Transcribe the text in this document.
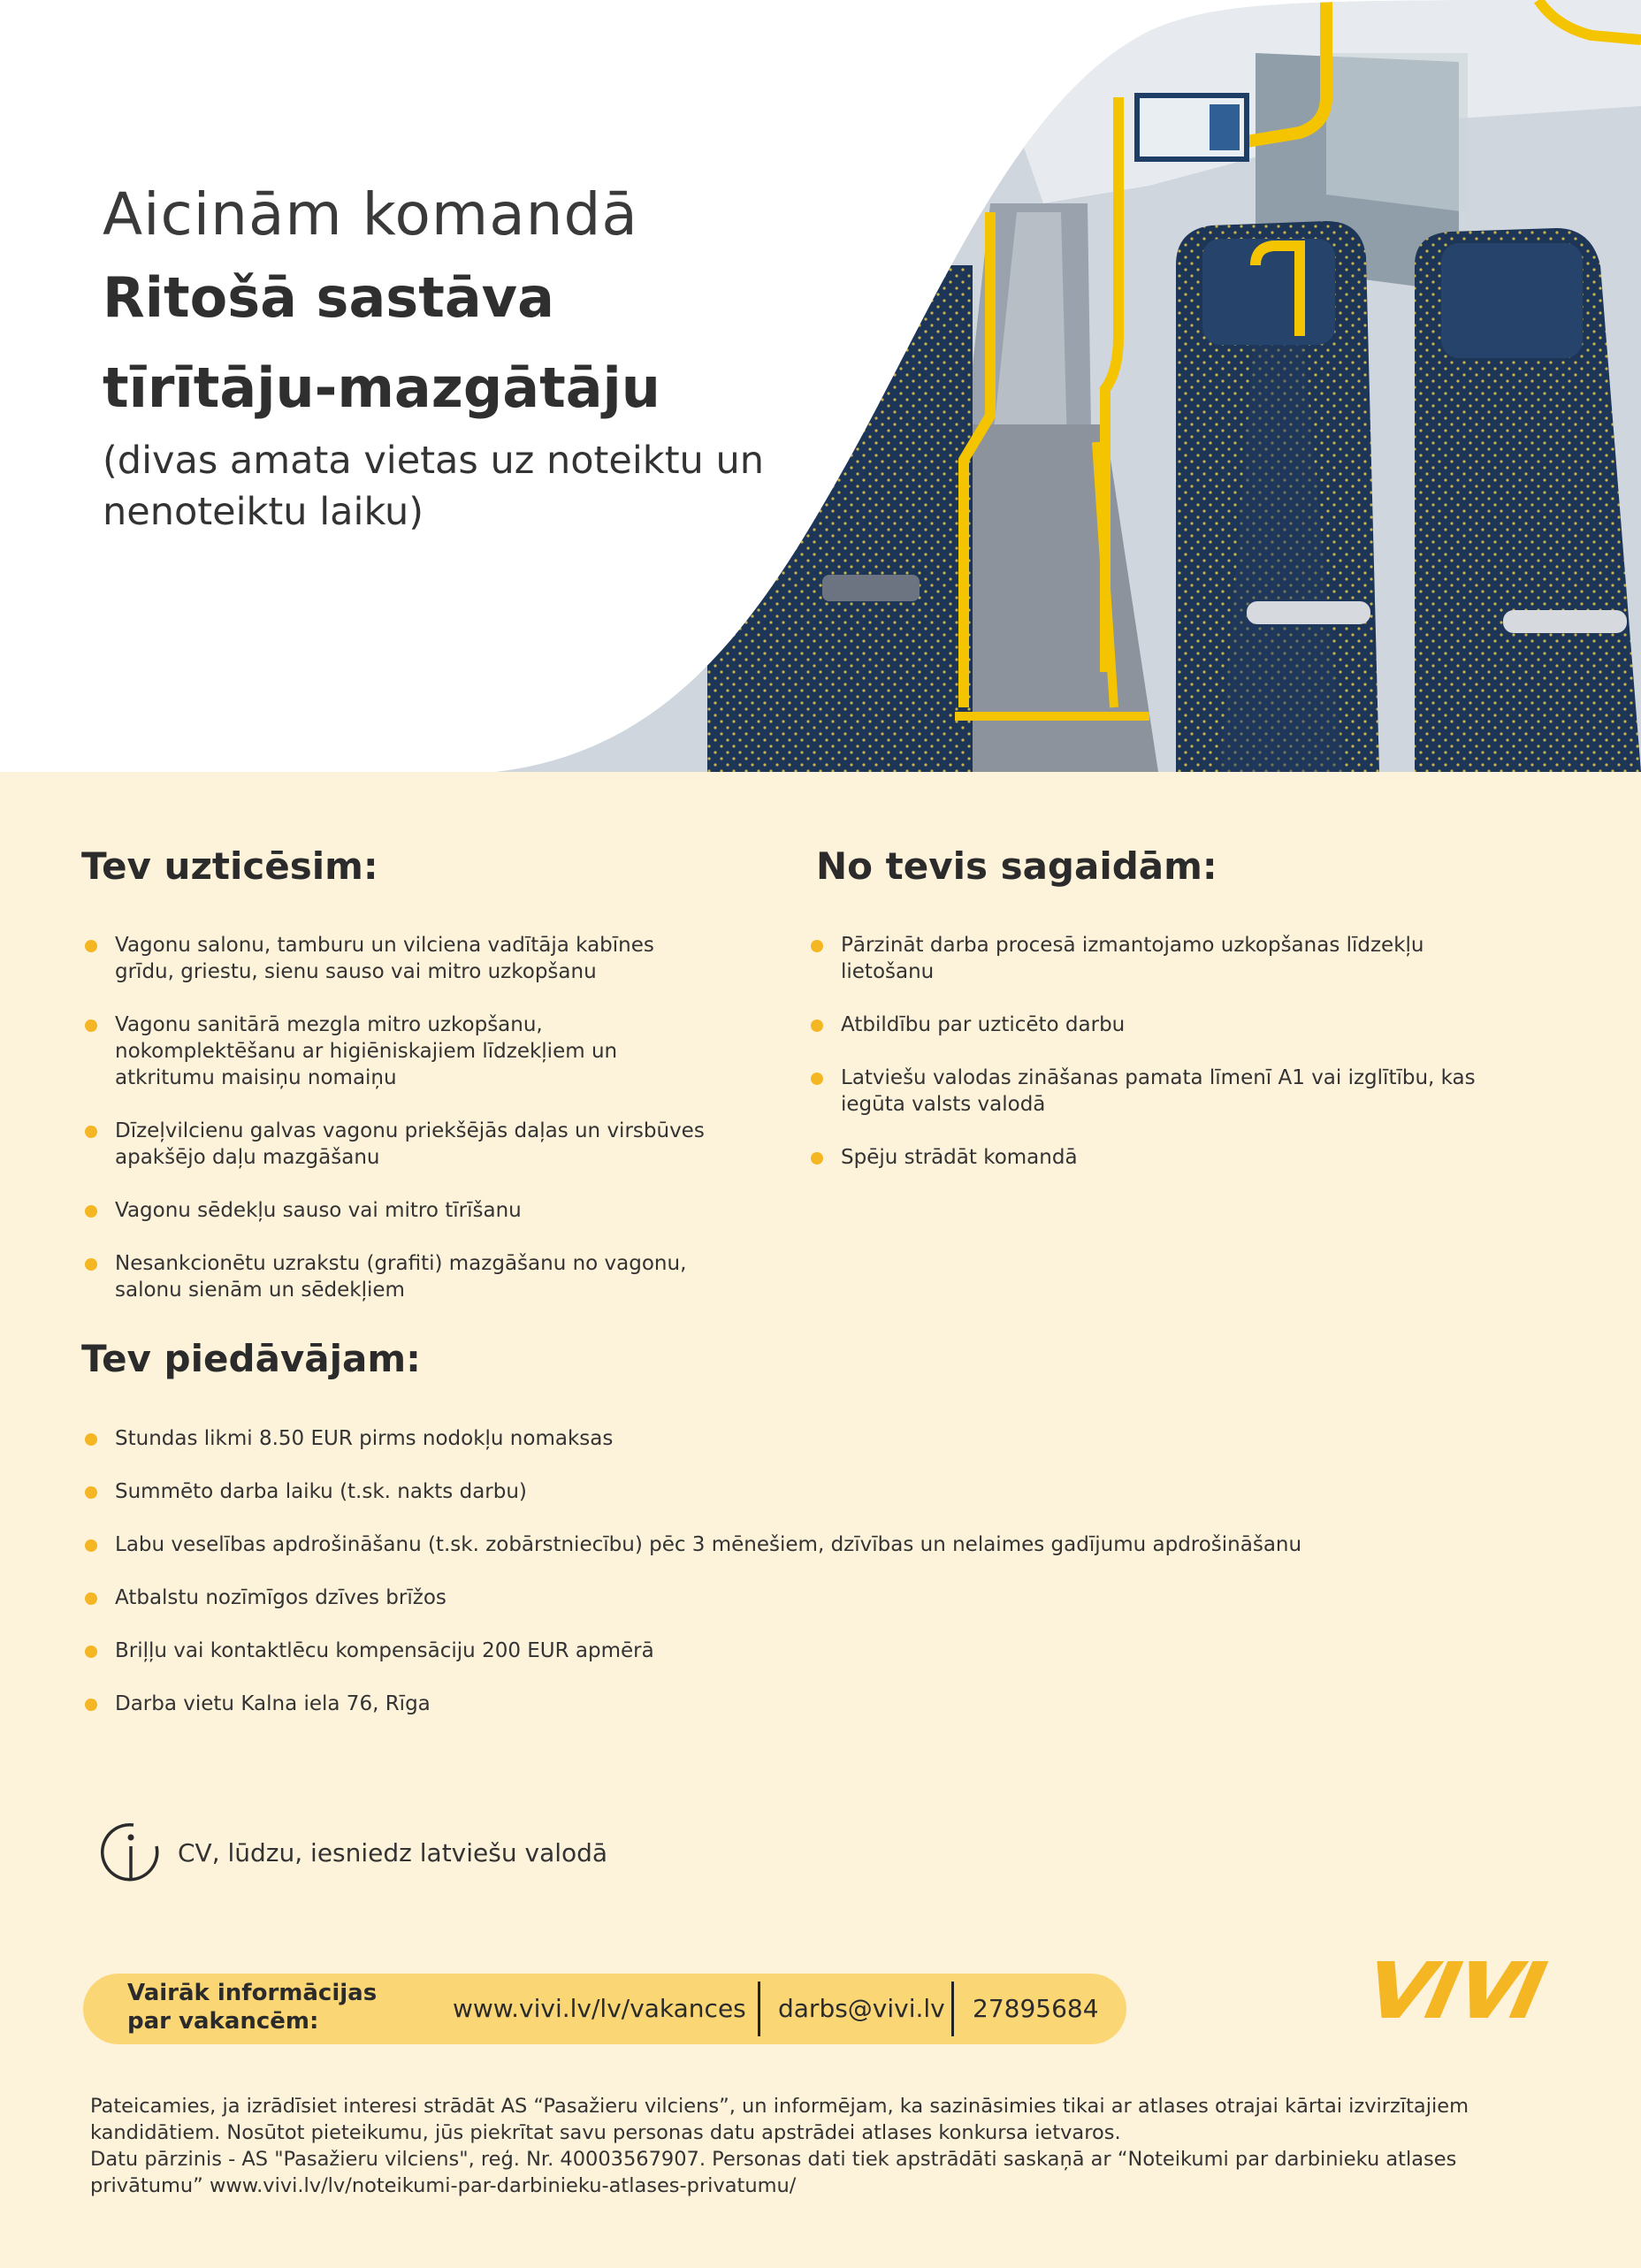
Aicinām komandā
Ritošā sastāva
tīrītāju-mazgātāju
(divas amata vietas uz noteiktu un nenoteiktu laiku)
Tev uzticēsim:
Vagonu salonu, tamburu un vilciena vadītāja kabīnes grīdu, griestu, sienu sauso vai mitro uzkopšanu
Vagonu sanitārā mezgla mitro uzkopšanu, nokomplektēšanu ar higiēniskajiem līdzekļiem un atkritumu maisiņu nomaiņu
Dīzeļvilcienu galvas vagonu priekšējās daļas un virsbūves apakšējo daļu mazgāšanu
Vagonu sēdekļu sauso vai mitro tīrīšanu
Nesankcionētu uzrakstu (grafiti) mazgāšanu no vagonu, salonu sienām un sēdekļiem
No tevis sagaidām:
Pārzināt darba procesā izmantojamo uzkopšanas līdzekļu lietošanu
Atbildību par uzticēto darbu
Latviešu valodas zināšanas pamata līmenī A1 vai izglītību, kas iegūta valsts valodā
Spēju strādāt komandā
Tev piedāvājam:
Stundas likmi 8.50 EUR pirms nodokļu nomaksas
Summēto darba laiku (t.sk. nakts darbu)
Labu veselības apdrošināšanu (t.sk. zobārstniecību) pēc 3 mēnešiem, dzīvības un nelaimes gadījumu apdrošināšanu
Atbalstu nozīmīgos dzīves brīžos
Briļļu vai kontaktlēcu kompensāciju 200 EUR apmērā
Darba vietu Kalna iela 76, Rīga
CV, lūdzu, iesniedz latviešu valodā
Vairāk informācijas par vakancēm:	www.vivi.lv/lv/vakances darbs@vivi.lv 27895684

Pateicamies, ja izrādīsiet interesi strādāt AS “Pasažieru vilciens”, un informējam, ka sazināsimies tikai ar atlases otrajai kārtai izvirzītajiem kandidātiem. Nosūtot pieteikumu, jūs piekrītat savu personas datu apstrādei atlases konkursa ietvaros.

Datu pārzinis - AS "Pasažieru vilciens", reģ. Nr. 40003567907. Personas dati tiek apstrādāti saskaņā ar “Noteikumi par darbinieku atlases privātumu” www.vivi.lv/lv/noteikumi-par-darbinieku-atlases-privatumu/
